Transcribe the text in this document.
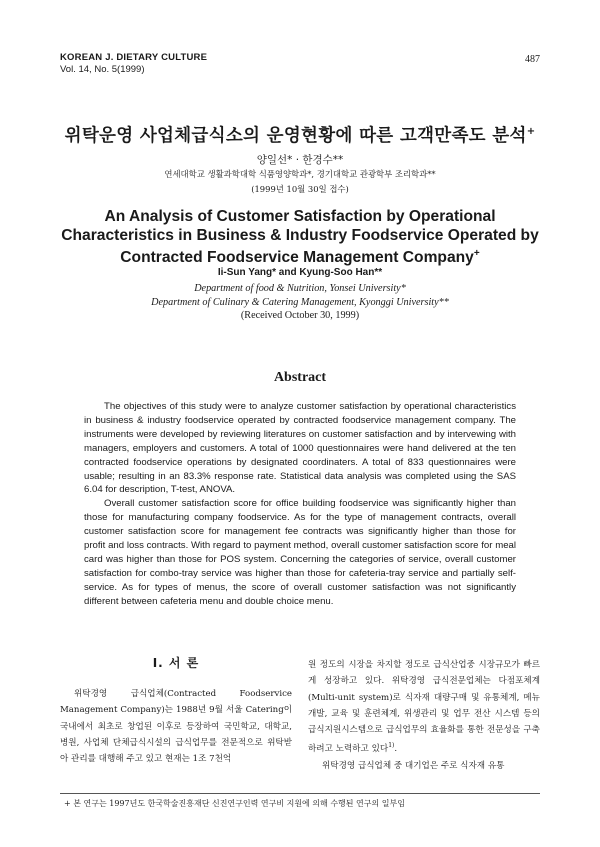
KOREAN J. DIETARY CULTURE
Vol. 14, No. 5(1999)
487
위탁운영 사업체급식소의 운영현황에 따른 고객만족도 분석+
양일선* · 한경수**
연세대학교 생활과학대학 식품영양학과*, 경기대학교 관광학부 조리학과**
(1999년 10월 30일 접수)
An Analysis of Customer Satisfaction by Operational Characteristics in Business & Industry Foodservice Operated by Contracted Foodservice Management Company+
Ii-Sun Yang* and Kyung-Soo Han**
Department of food & Nutrition, Yonsei University*
Department of Culinary & Catering Management, Kyonggi University**
(Received October 30, 1999)
Abstract

The objectives of this study were to analyze customer satisfaction by operational characteristics in business & industry foodservice operated by contracted foodservice management company. The instruments were developed by reviewing literatures on customer satisfaction and by intervewing with managers, employers and customers. A total of 1000 questionnaires were hand delivered at the ten contracted foodservice operations by designated coordinaters. A total of 833 questionnaires were usable; resulting in an 83.3% response rate. Statistical data analysis was completed using the SAS 6.04 for description, T-test, ANOVA.

Overall customer satisfaction score for office building foodservice was significantly higher than those for manufacturing company foodservice. As for the type of management contracts, overall customer satisfaction score for management fee contracts was significantly higher than those for profit and loss contracts. With regard to payment method, overall customer satisfaction score for meal card was higher than those for POS system. Concerning the categories of service, overall customer satisfaction for combo-tray service was higher than those for cafeteria-tray service and partially self-service. As for types of menus, the score of overall customer satisfaction was not significantly different between cafeteria menu and double choice menu.

I. 서 론

위탁경영 급식업체(Contracted Foodservice Management Company)는 1988년 9월 서울 Catering이 국내에서 최초로 창업된 이후로 등장하여 국민학교, 대학교, 병원, 사업체 단체급식시설의 급식업무를 전문적으로 위탁받아 관리를 대행해 주고 있고 현재는 1조 7천억

원 정도의 시장을 차지할 정도로 급식산업중 시장규모가 빠르게 성장하고 있다. 위탁경영 급식전문업체는 다점포체계(Multi-unit system)로 식자재 대량구매 및 유통체계, 메뉴개발, 교육 및 훈련체계, 위생관리 및 업무 전산 시스템 등의 급식지원시스템으로 급식업무의 효율화를 통한 전문성을 구축하려고 노력하고 있다$^{1)}$.

위탁경영 급식업체 중 대기업은 주로 식자재 유통

+ 본 연구는 1997년도 한국학술진흥재단 신진연구인력 연구비 지원에 의해 수행된 연구의 일부임
